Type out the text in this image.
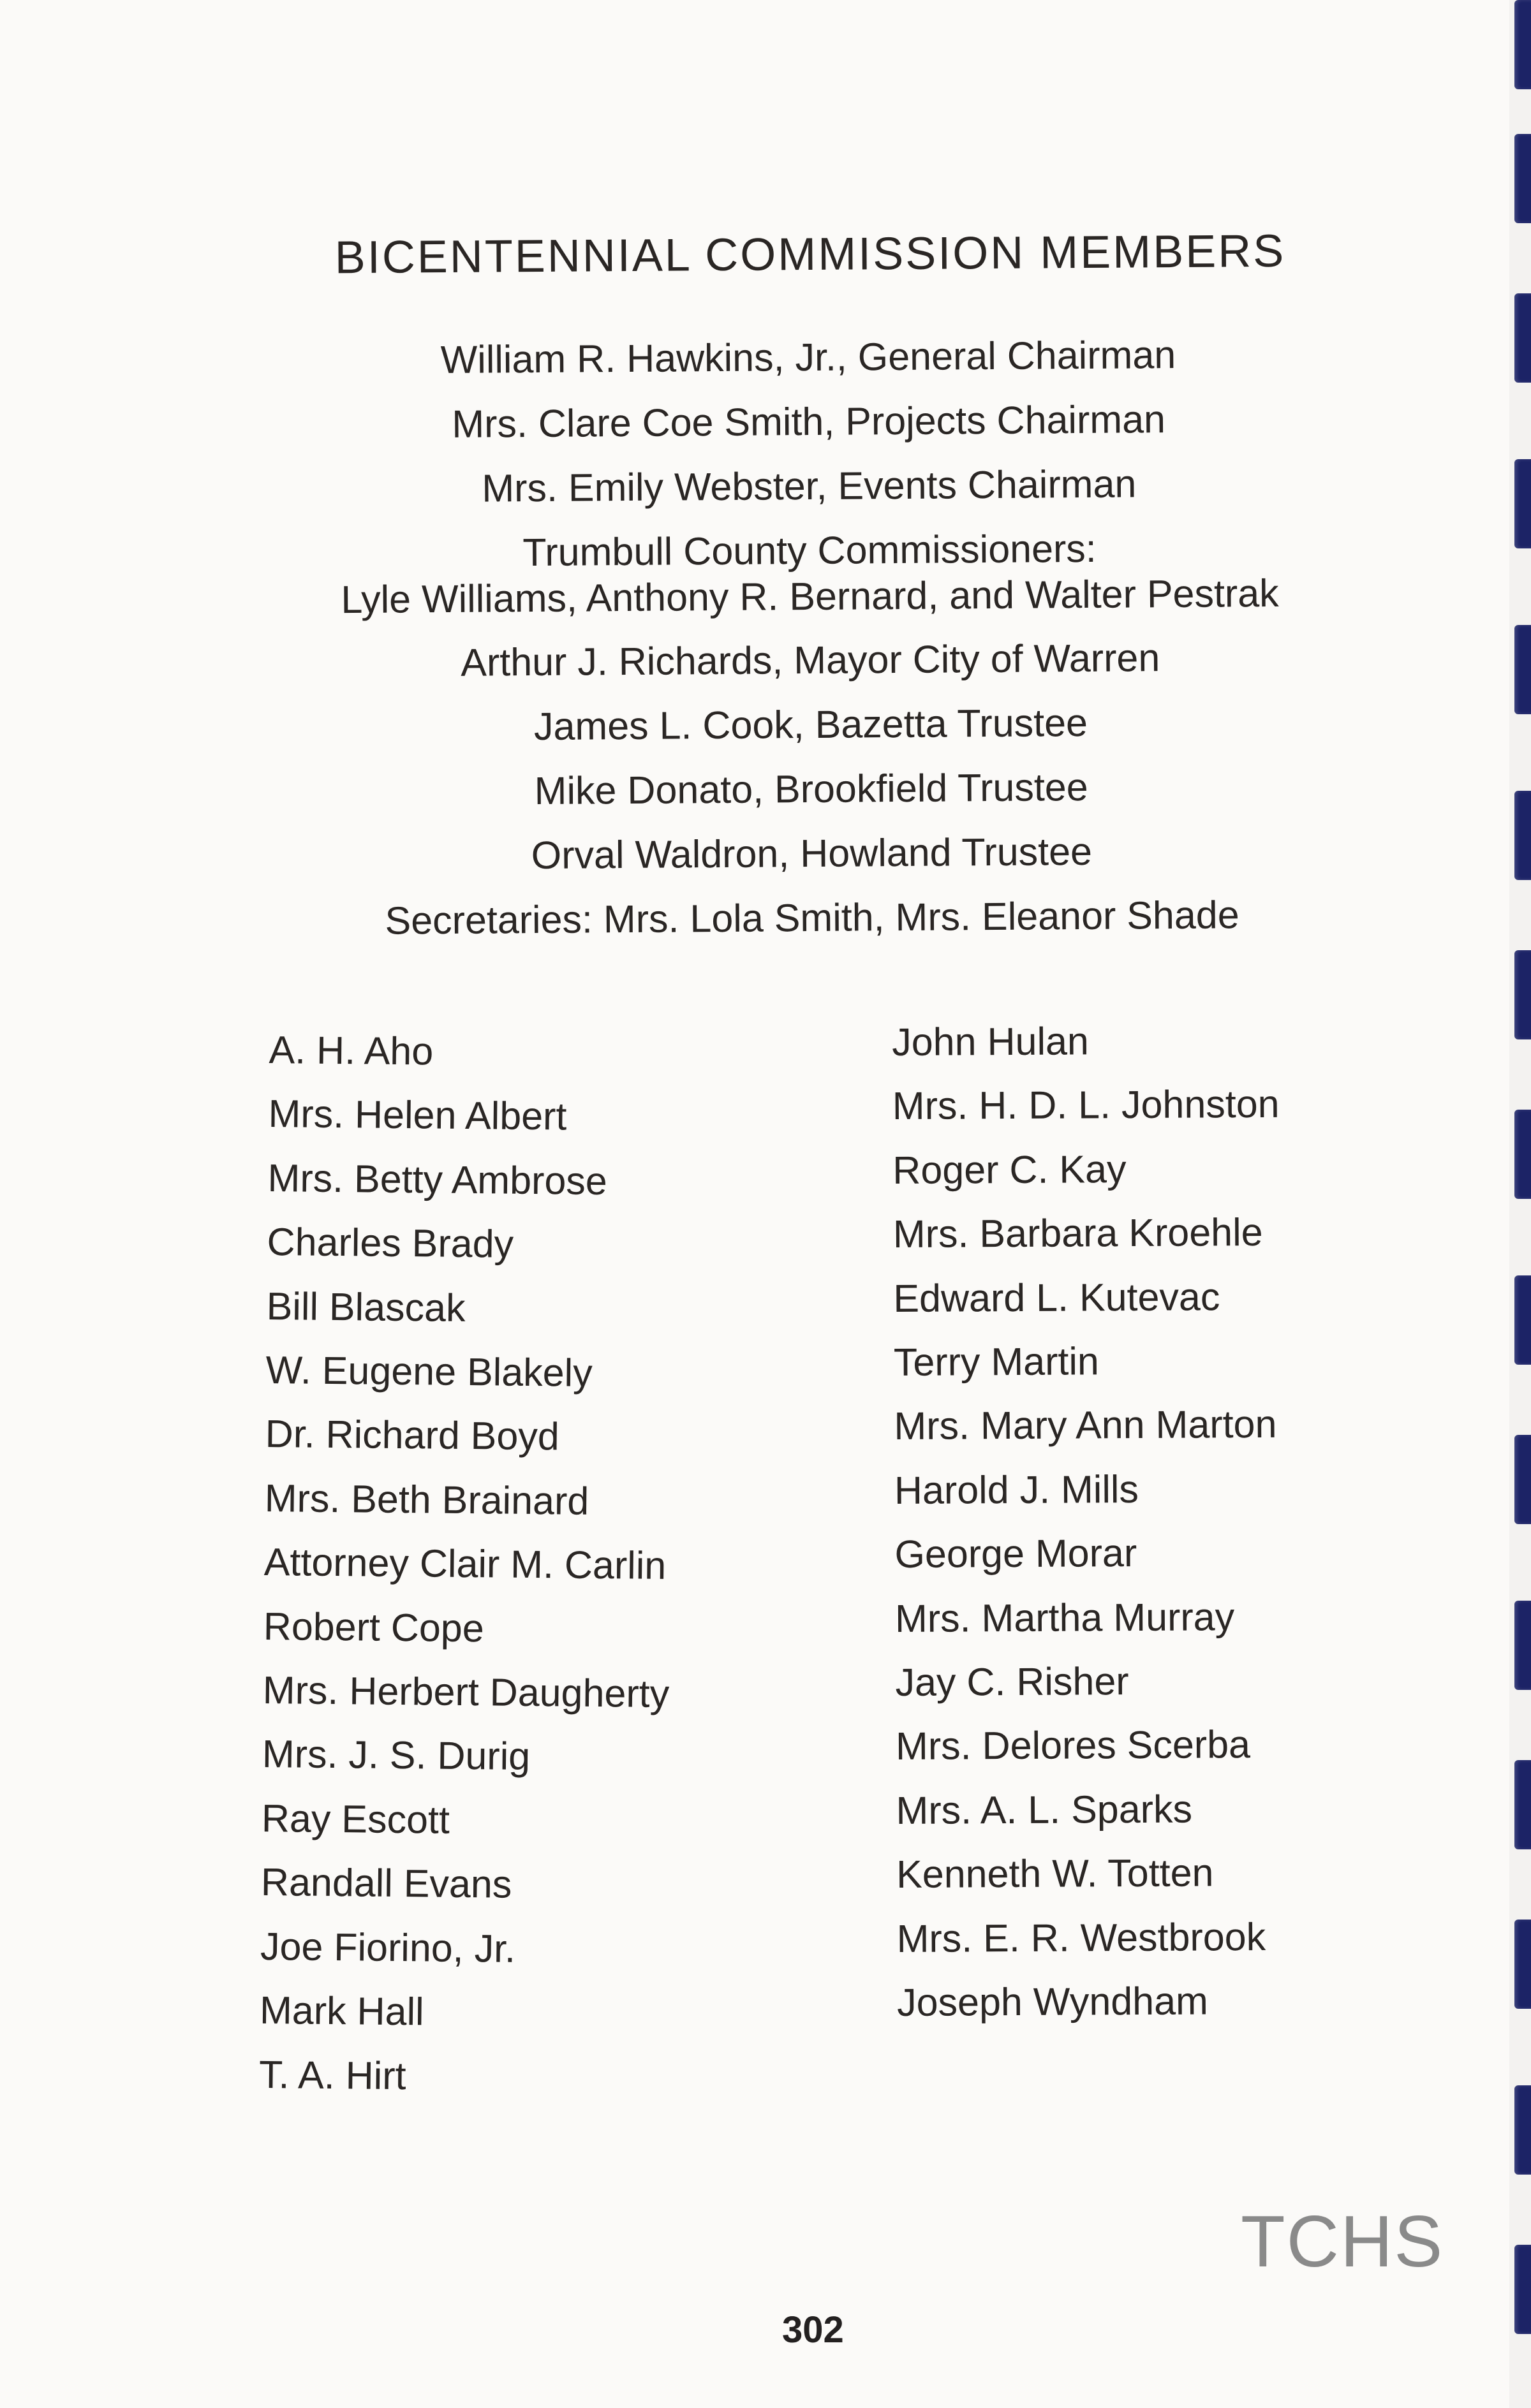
BICENTENNIAL COMMISSION MEMBERS
William R. Hawkins, Jr., General Chairman
Mrs. Clare Coe Smith, Projects Chairman
Mrs. Emily Webster, Events Chairman
Trumbull County Commissioners:
Lyle Williams, Anthony R. Bernard, and Walter Pestrak
Arthur J. Richards, Mayor City of Warren
James L. Cook, Bazetta Trustee
Mike Donato, Brookfield Trustee
Orval Waldron, Howland Trustee
Secretaries: Mrs. Lola Smith, Mrs. Eleanor Shade
A. H. Aho
Mrs. Helen Albert
Mrs. Betty Ambrose
Charles Brady
Bill Blascak
W. Eugene Blakely
Dr. Richard Boyd
Mrs. Beth Brainard
Attorney Clair M. Carlin
Robert Cope
Mrs. Herbert Daugherty
Mrs. J. S. Durig
Ray Escott
Randall Evans
Joe Fiorino, Jr.
Mark Hall
T. A. Hirt
John Hulan
Mrs. H. D. L. Johnston
Roger C. Kay
Mrs. Barbara Kroehle
Edward L. Kutevac
Terry Martin
Mrs. Mary Ann Marton
Harold J. Mills
George Morar
Mrs. Martha Murray
Jay C. Risher
Mrs. Delores Scerba
Mrs. A. L. Sparks
Kenneth W. Totten
Mrs. E. R. Westbrook
Joseph Wyndham
TCHS
302
